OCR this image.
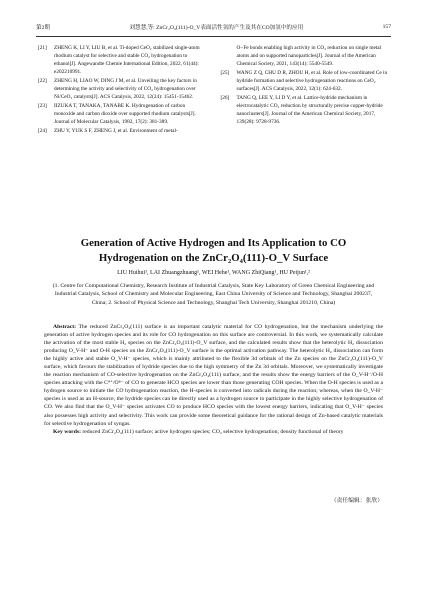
第2期	刘慧慧,等: ZnCr₂O₄(111)-O_V表面活性氢的产生及其在CO加氢中的应用	157
[21]	ZHENG K, LI Y, LIU B, et al. Ti-doped CeO₂ stabilized single-atom rhodium catalyst for selective and stable CO₂ hydrogenation to ethanol[J]. Angewandte Chemie International Edition, 2022, 61(44): e202210991.
[22]	ZHENG H, LIAO W, DING J M, et al. Unveiling the key factors in determining the activity and selectivity of CO₂ hydrogenation over Ni/CeO₂ catalysts[J]. ACS Catalysis, 2022, 12(24): 15451-15462.
[23]	IIZUKA T, TANAKA, TANABE K. Hydrogenation of carbon monoxide and carbon dioxide over supported rhodium catalysts[J]. Journal of Molecular Catalysis, 1982, 17(2): 381-389.
[24]	ZHU Y, YUK S F, ZHENG J, et al. Environment of metal-
O−Fe bonds enabling high activity in CO₂ reduction on single metal atoms and on supported nanoparticles[J]. Journal of the American Chemical Society, 2021, 143(14): 5540-5549.
[25]	WANG Z Q, CHU D R, ZHOU H, et al. Role of low-coordinated Ce in hydride formation and selective hydrogenation reactions on CeO₂ surfaces[J]. ACS Catalysis, 2022, 12(1): 624-632.
[26]	TANG Q, LEE Y, LI D Y, et al. Lattice-hydride mechanism in electrocatalytic CO₂ reduction by structurally precise copper-hydride nanoclusters[J]. Journal of the American Chemical Society, 2017, 139(28): 9728-9736.
Generation of Active Hydrogen and Its Application to CO
Hydrogenation on the ZnCr₂O₄(111)-O_V Surface
LIU Huihui¹, LAI Zhuangzhuang¹, WEI Hehe¹, WANG ZhiQiang¹, HU Peijun¹,²
(1. Centre for Computational Chemistry, Research Institute of Industrial Catalysis, State Key Laboratory of Green Chemical Engineering and Industrial Catalysis, School of Chemistry and Molecular Engineering, East China University of Science and Technology, Shanghai 200237, China; 2. School of Physical Science and Technology, Shanghai Tech University, Shanghai 201210, China)

Abstract: The reduced ZnCr₂O₄(111) surface is an important catalytic material for CO hydrogenation, but the mechanism underlying the generation of active hydrogen species and its role for CO hydrogenation on this surface are controversial. In this work, we systematically calculate the activation of the most stable H₂ species on the ZnCr₂O₄(111)-O_V surface, and the calculated results show that the heterolytic H₂ dissociation producing O_V-H⁻ and O-H species on the ZnCr₂O₄(111)-O_V surface is the optimal activation pathway. The heterolytic H₂ dissociation can form the highly active and stable O_V-H⁻ species, which is mainly attributed to the flexible 3d orbitals of the Zn species on the ZnCr₂O₄(111)-O_V surface, which favours the stabilization of hydride species due to the high symmetry of the Zn 3d orbitals. Moreover, we systematically investigate the reaction mechanism of CO-selective hydrogenation on the ZnCr₂O₄(111) surface, and the results show the energy barriers of the O_V-H⁻/O-H species attacking with the C⁸⁺/O⁸⁻ of CO to generate HCO species are lower than those generating COH species. When the O-H species is used as a hydrogen source to initiate the CO hydrogenation reaction, the H-species is converted into radicals during the reaction; whereas, when the O_V-H⁻ species is used as an H-source, the hydride species can be directly used as a hydrogen source to participate in the highly selective hydrogenation of CO. We also find that the O_V-H⁻ species activates CO to produce HCO species with the lowest energy barriers, indicating that O_V-H⁻ species also possesses high activity and selectivity. This work can provide some theoretical guidance for the rational design of Zn-based catalytic materials for selective hydrogenation of syngas.

Key words: reduced ZnCr₂O₄(111) surface; active hydrogen species; CO₂ selective hydrogenation; density functional of theory

（责任编辑：张欣）
